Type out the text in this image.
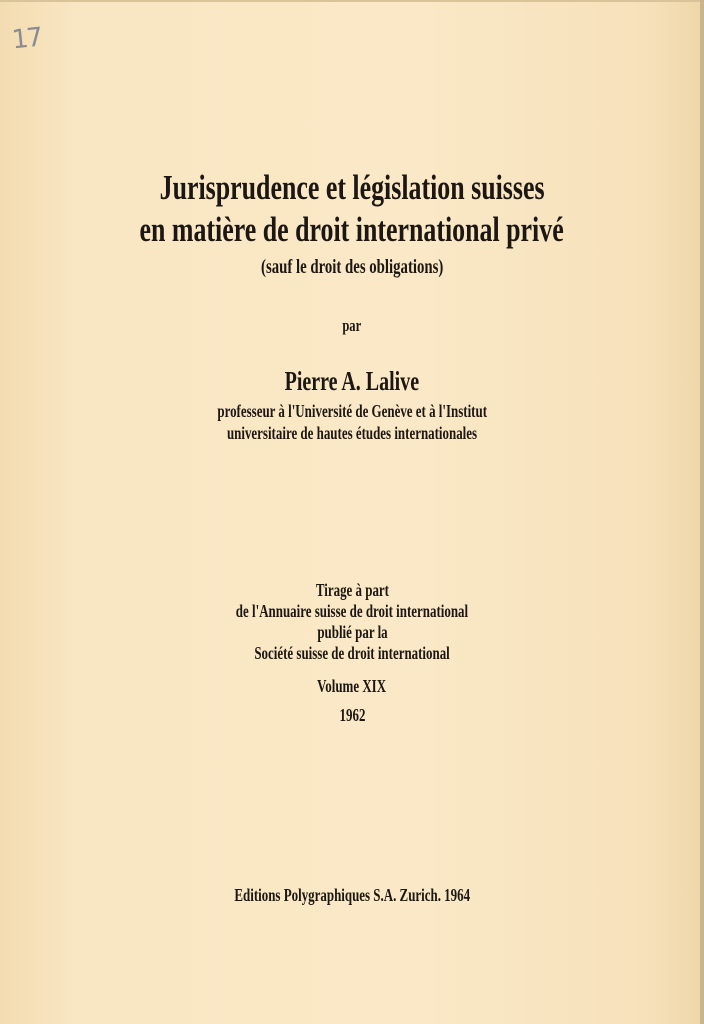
17
Jurisprudence et législation suisses
en matière de droit international privé
(sauf le droit des obligations)
par
Pierre A. Lalive
professeur à l'Université de Genève et à l'Institut
universitaire de hautes études internationales
Tirage à part
de l'Annuaire suisse de droit international
publié par la
Société suisse de droit international
Volume XIX
1962
Editions Polygraphiques S.A. Zurich. 1964
